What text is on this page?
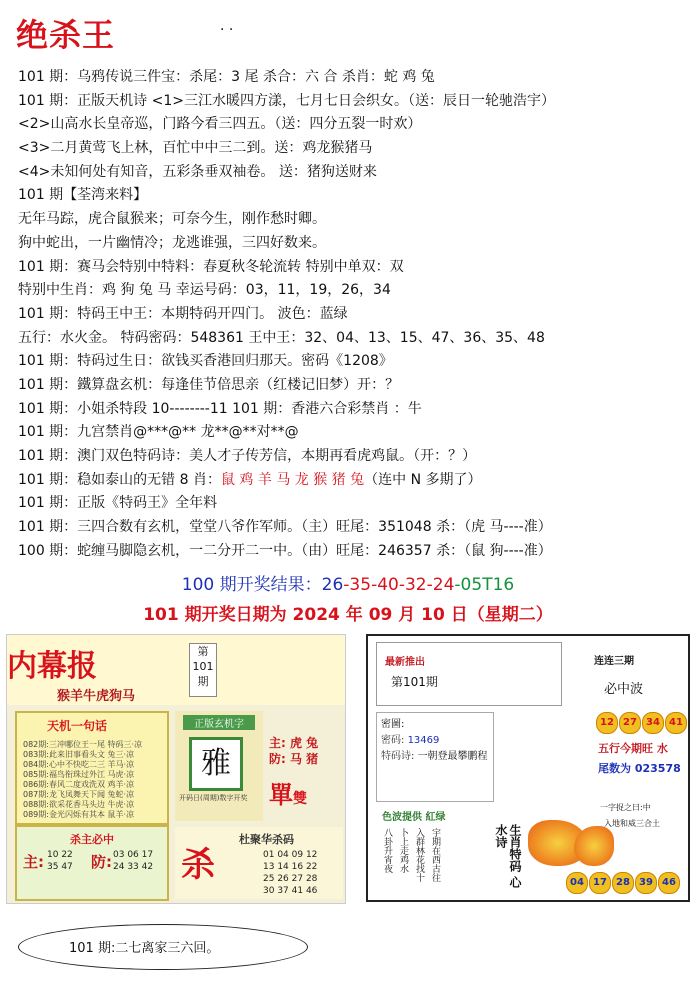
绝杀王	. .
101 期：乌鸦传说三件宝：杀尾：3 尾 杀合：六 合 杀肖：蛇 鸡 兔
101 期：正版天机诗 <1>三江水暖四方漾，七月七日会织女。（送：辰日一轮驰浩宇）
<2>山高水长皇帝巡，门路今看三四五。（送：四分五裂一时欢）
<3>二月黄莺飞上林，百忙中中三二到。送：鸡龙猴猪马
<4>未知何处有知音，五彩条垂双袖卷。 送：猪狗送财来
101 期【荃湾来料】
无年马踪，虎合鼠猴来；可奈今生，刚作愁时卿。
狗中蛇出，一片幽情冷；龙逃谁强，三四好数来。
101 期：赛马会特别中特料：春夏秋冬轮流转 特别中单双：双
特别中生肖：鸡 狗 兔 马 幸运号码：03，11，19，26，34
101 期：特码王中王：本期特码开四门。 波色：蓝绿
五行：水火金。 特码密码：548361 王中王：32、04、13、15、47、36、35、48
101 期：特码过生日：欲钱买香港回归那天。密码《1208》
101 期：鐵算盘玄机：每逢佳节倍思亲（红楼记旧梦）开：？
101 期：小姐杀特段 10--------11 101 期：香港六合彩禁肖 ：牛
101 期：九宫禁肖@***@** 龙**@**对**@
101 期：澳门双色特码诗：美人才子传芳信，本期再看虎鸡鼠。（开：？）
101 期：稳如泰山的无错 8 肖：鼠 鸡 羊 马 龙 猴 猪 兔（连中 N 多期了）
101 期：正版《特码王》全年料
101 期：三四合数有玄机，堂堂八爷作军师。（主）旺尾：351048 杀：（虎 马----准）
100 期：蛇缠马脚隐玄机，一二分开二一中。（由）旺尾：246357 杀：（鼠 狗----准）
100 期开奖结果：26-35-40-32-24-05T16
101 期开奖日期为 2024 年 09 月 10 日（星期二）
内幕报	第101期
猴羊牛虎狗马
天机一句话
082期:三冲哪位王一尾 特码三·凉
083期:此来旧事看头文 兔三·凉
084期:心中不快吃二三 羊马·凉
085期:福鸟衔珠过外江 马虎·凉
086期:春风二度戏洗双 鸡羊·凉
087期:龙飞凤舞天下闻 兔蛇·凉
088期:欲采花香马头边 牛虎·凉
089期:金光闪烁有其本 鼠羊·凉
杀主必中
主: 10 22
35 47 防: 03 06 17
24 33 42
正版玄机字
雅
开码日(周期)数字开奖
主: 虎 兔
防: 马 猪
單雙
杀
杜聚华杀码
01 04 09 12
13 14 16 22
25 26 27 28
30 37 41 46
最新推出
第101期
连连三期
必中波
密圖:
密码: 13469
特码诗: 一朝登最攀鹏程
12 27 34 41
五行今期旺 水
尾数为 023578
色波提供 紅绿
八卦升宵夜 卜上走鸡水 入群林花找十 宇期在西古往	生肖特码 心水诗
一字捉之曰:中
入地和威三合土
04 17 28 39 46
101 期:二七离家三六回。
